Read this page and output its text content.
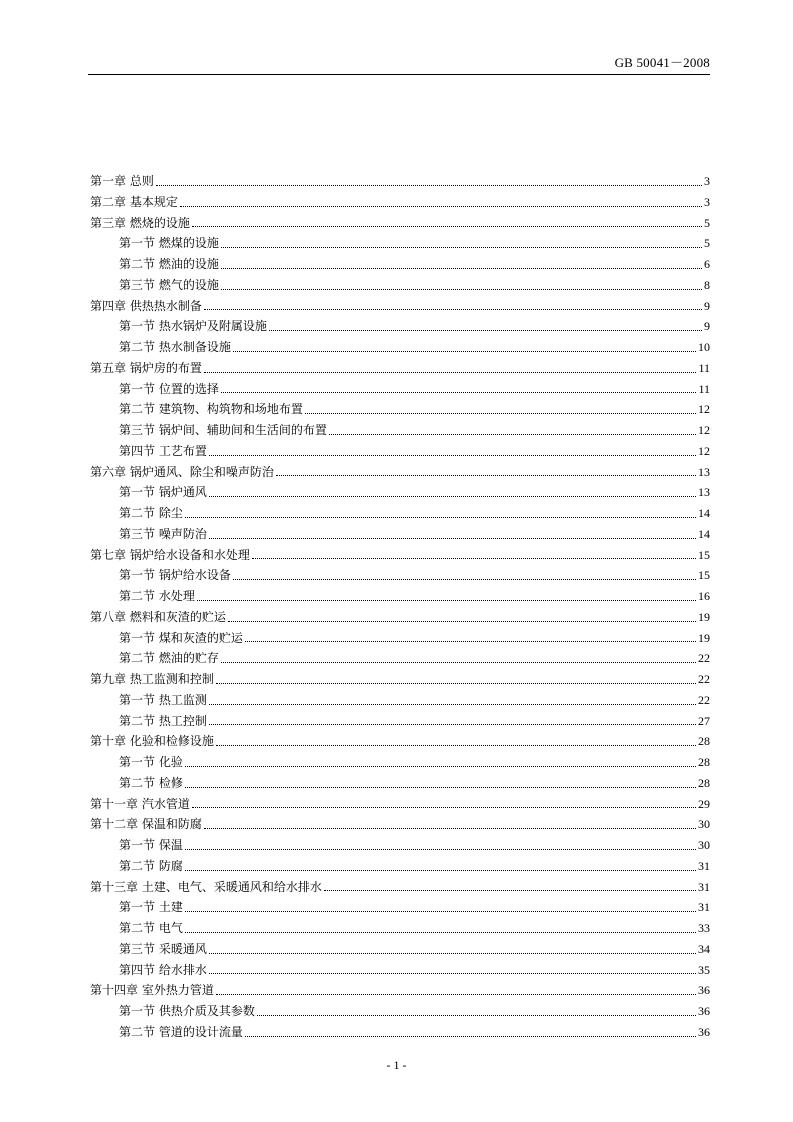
GB 50041－2008
第一章 总则	3
第二章 基本规定	3
第三章 燃烧的设施	5
第一节 燃煤的设施	5
第二节 燃油的设施	6
第三节 燃气的设施	8
第四章 供热热水制备	9
第一节 热水锅炉及附属设施	9
第二节 热水制备设施	10
第五章 锅炉房的布置	11
第一节 位置的选择	11
第二节 建筑物、构筑物和场地布置	12
第三节 锅炉间、辅助间和生活间的布置	12
第四节 工艺布置	12
第六章 锅炉通风、除尘和噪声防治	13
第一节 锅炉通风	13
第二节 除尘	14
第三节 噪声防治	14
第七章 锅炉给水设备和水处理	15
第一节 锅炉给水设备	15
第二节 水处理	16
第八章 燃料和灰渣的贮运	19
第一节 煤和灰渣的贮运	19
第二节 燃油的贮存	22
第九章 热工监测和控制	22
第一节 热工监测	22
第二节 热工控制	27
第十章 化验和检修设施	28
第一节 化验	28
第二节 检修	28
第十一章 汽水管道	29
第十二章 保温和防腐	30
第一节 保温	30
第二节 防腐	31
第十三章 土建、电气、采暖通风和给水排水	31
第一节 土建	31
第二节 电气	33
第三节 采暖通风	34
第四节 给水排水	35
第十四章 室外热力管道	36
第一节 供热介质及其参数	36
第二节 管道的设计流量	36
- 1 -
